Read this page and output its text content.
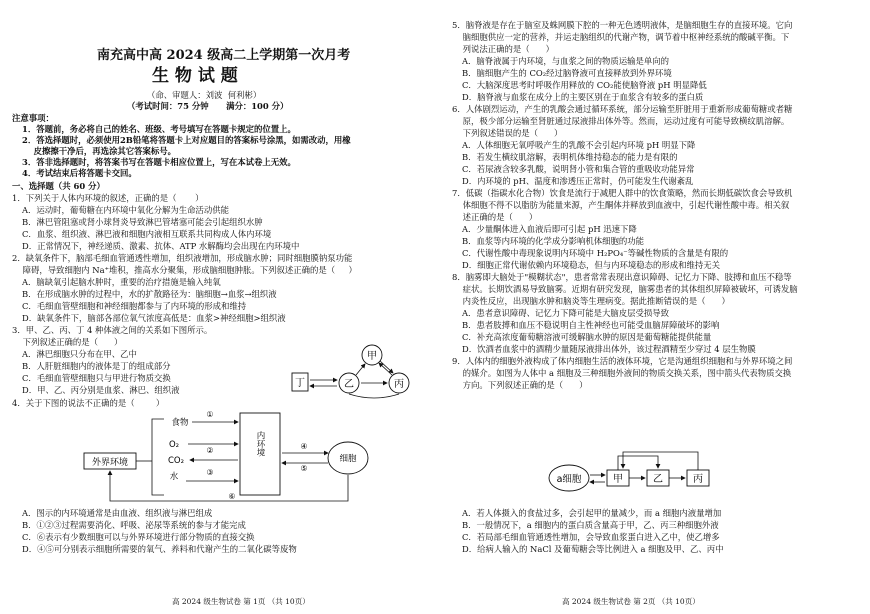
南充高中高 2024 级高二上学期第一次月考
生 物 试 题
（命、审题人：刘波  何利彬）
（考试时间：75 分钟      满分：100 分）
注意事项：
1．答题前，务必将自己的姓名、班级、考号填写在答题卡规定的位置上。
2．答选择题时，必须使用2B铅笔将答题卡上对应题目的答案标号涂黑，如需改动，用橡
皮擦擦干净后，再选涂其它答案标号。
3．答非选择题时，将答案书写在答题卡相应位置上，写在本试卷上无效。
4．考试结束后将答题卡交回。
一、选择题（共 60 分）
1．下列关于人体内环境的叙述，正确的是（       ）
A．运动时，葡萄糖在内环境中氧化分解为生命活动供能
B．淋巴管阻塞或肾小球肾炎导致淋巴管堵塞可能会引起组织水肿
C．血浆、组织液、淋巴液和细胞内液相互联系共同构成人体内环境
D．正常情况下，神经递质、激素、抗体、ATP 水解酶均会出现在内环境中
2．缺氧条件下，脑部毛细血管通透性增加，组织液增加，形成脑水肿；同时细胞膜钠泵功能
障碍，导致细胞内 Na⁺堆积，推高水分聚集，形成脑细胞肿胀。下列叙述正确的是（     ）
A．脑缺氧引起脑水肿时，重要的治疗措施是输入纯氧
B．在形成脑水肿的过程中，水的扩散路径为：脑细胞→血浆→组织液
C．毛细血管壁细胞和神经细胞都参与了内环境的形成和维持
D．缺氧条件下，脑部各部位氧气浓度高低是：血浆>神经细胞>组织液
3．甲、乙、丙、丁 4 种体液之间的关系如下图所示。
下列叙述正确的是（      ）
A．淋巴细胞只分布在甲、乙中
B．人肝脏细胞内的液体是丁的组成部分
C．毛细血管壁细胞只与甲进行物质交换
D．甲、乙、丙分别是血浆、淋巴、组织液
甲
乙	丙
丁
4．关于下图的说法不正确的是（        ）
外界环境
食物
O₂
CO₂
水
①
②
③
内环境	④
⑤
细胞
⑥
A．图示的内环境通常是由血液、组织液与淋巴组成
B．①②③过程需要消化、呼吸、泌尿等系统的参与才能完成
C．⑥表示有少数细胞可以与外界环境进行部分物质的直接交换
D．④⑤可分别表示细胞所需要的氧气、养料和代谢产生的二氧化碳等废物
高 2024 级生物试卷 第 1页 （共 10页）
5．脑脊液是存在于脑室及蛛网膜下腔的一种无色透明液体，是脑细胞生存的直接环境。它向
脑细胞供应一定的营养，并运走脑组织的代谢产物，调节着中枢神经系统的酸碱平衡。下
列说法正确的是（      ）
A．脑脊液属于内环境，与血浆之间的物质运输是单向的
B．脑细胞产生的 CO₂经过脑脊液可直接释放到外界环境
C．大脑深度思考时呼吸作用释放的 CO₂能使脑脊液 pH 明显降低
D．脑脊液与血浆在成分上的主要区别在于血浆含有较多的蛋白质
6．人体剧烈运动，产生的乳酸会通过循环系统，部分运输至肝脏用于重新形成葡萄糖或者糖
原，极少部分运输至肾脏通过尿液排出体外等。然而，运动过度有可能导致横纹肌溶解。
下列叙述错误的是（      ）
A．人体细胞无氧呼吸产生的乳酸不会引起内环境 pH 明显下降
B．若发生横纹肌溶解，表明机体维持稳态的能力是有限的
C．若尿液含较多乳酸，说明肾小管和集合管的重吸收功能异常
D．内环境的 pH、温度和渗透压正常时，仍可能发生代谢紊乱
7．低碳（指碳水化合物）饮食是流行于减肥人群中的饮食策略，然而长期低碳饮食会导致机
体细胞不得不以脂肪为能量来源，产生酮体并释放到血液中，引起代谢性酸中毒。相关叙
述正确的是（      ）
A．少量酮体进入血液后即可引起 pH 迅速下降
B．血浆等内环境的化学成分影响机体细胞的功能
C．代谢性酸中毒现象说明内环境中 H₂PO₄⁻等碱性物质的含量是有限的
D．细胞正常代谢依赖内环境稳态，但与内环境稳态的形成和维持无关
8．脑雾即大脑处于"模糊状态"，患者常常表现出意识障碍、记忆力下降、肢搏和血压不稳等
症状。长期饮酒易导致脑雾。近期有研究发现，脑雾患者的其体组织屏障被破坏，可诱发脑
内炎性反应，出现脑水肿和脑炎等生理病变。据此推断错误的是（      ）
A．患者意识障碍、记忆力下降可能是大脑皮层受损导致
B．患者肢搏和血压不稳说明自主性神经也可能受血脑屏障破坏的影响
C．补充高浓度葡萄糖溶液可缓解脑水肿的原因是葡萄糖能提供能量
D．饮酒者血浆中的酒精少量随尿液排出体外，该过程酒精至少穿过 4 层生物膜
9．人体内的细胞外液构成了体内细胞生活的液体环境，它是沟通组织细胞和与外界环境之间
的媒介。如图为人体中 a 细胞及三种细胞外液间的物质交换关系，图中箭头代表物质交换
方向。下列叙述正确的是（      ）
a细胞	甲	乙	丙
A．若人体摄入的食盐过多，会引起甲的量减少，而 a 细胞内液量增加
B．一般情况下，a 细胞内的蛋白质含量高于甲，乙、丙三种细胞外液
C．若局部毛细血管通透性增加，会导致血浆蛋白进入乙中，使乙增多
D．给病人输入的 NaCl 及葡萄糖会等比例进入 a 细胞及甲、乙、丙中
高 2024 级生物试卷 第 2页 （共 10页）
